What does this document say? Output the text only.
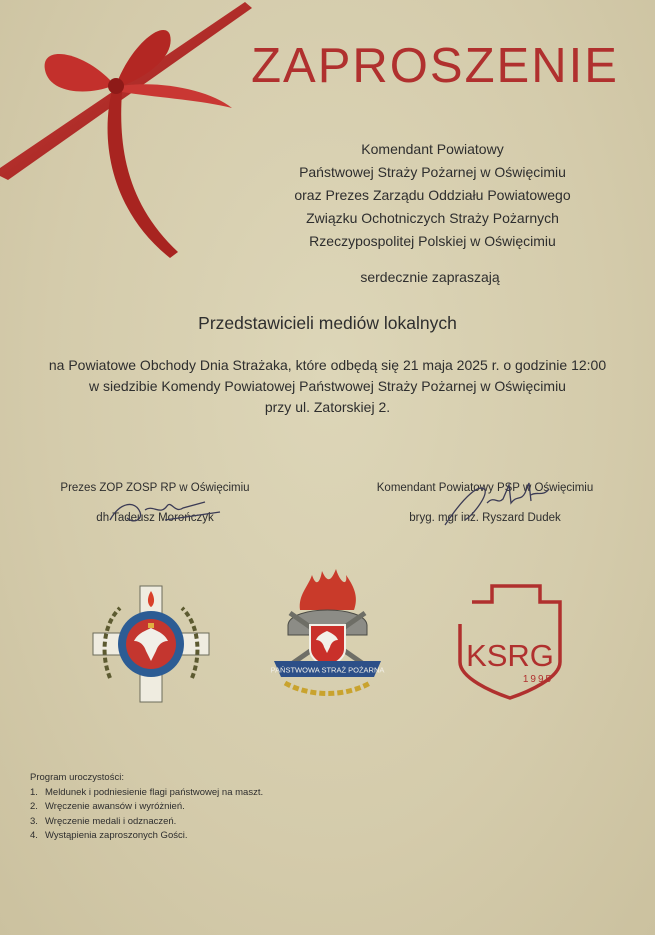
ZAPROSZENIE
Komendant Powiatowy
Państwowej Straży Pożarnej w Oświęcimiu
oraz Prezes Zarządu Oddziału Powiatowego
Związku Ochotniczych Straży Pożarnych
Rzeczypospolitej Polskiej w Oświęcimiu
serdecznie zapraszają
Przedstawicieli mediów lokalnych
na Powiatowe Obchody Dnia Strażaka, które odbędą się 21 maja 2025 r. o godzinie 12:00
w siedzibie Komendy Powiatowej Państwowej Straży Pożarnej w Oświęcimiu
przy ul. Zatorskiej 2.
Prezes ZOP ZOSP RP w Oświęcimiu
dh Tadeusz Morończyk
Komendant Powiatowy PSP w Oświęcimiu
bryg. mgr inż. Ryszard Dudek
PAŃSTWOWA STRAŻ POŻARNA	KSRG
1995
Program uroczystości:
1. Meldunek i podniesienie flagi państwowej na maszt.
2. Wręczenie awansów i wyróżnień.
3. Wręczenie medali i odznaczeń.
4. Wystąpienia zaproszonych Gości.
